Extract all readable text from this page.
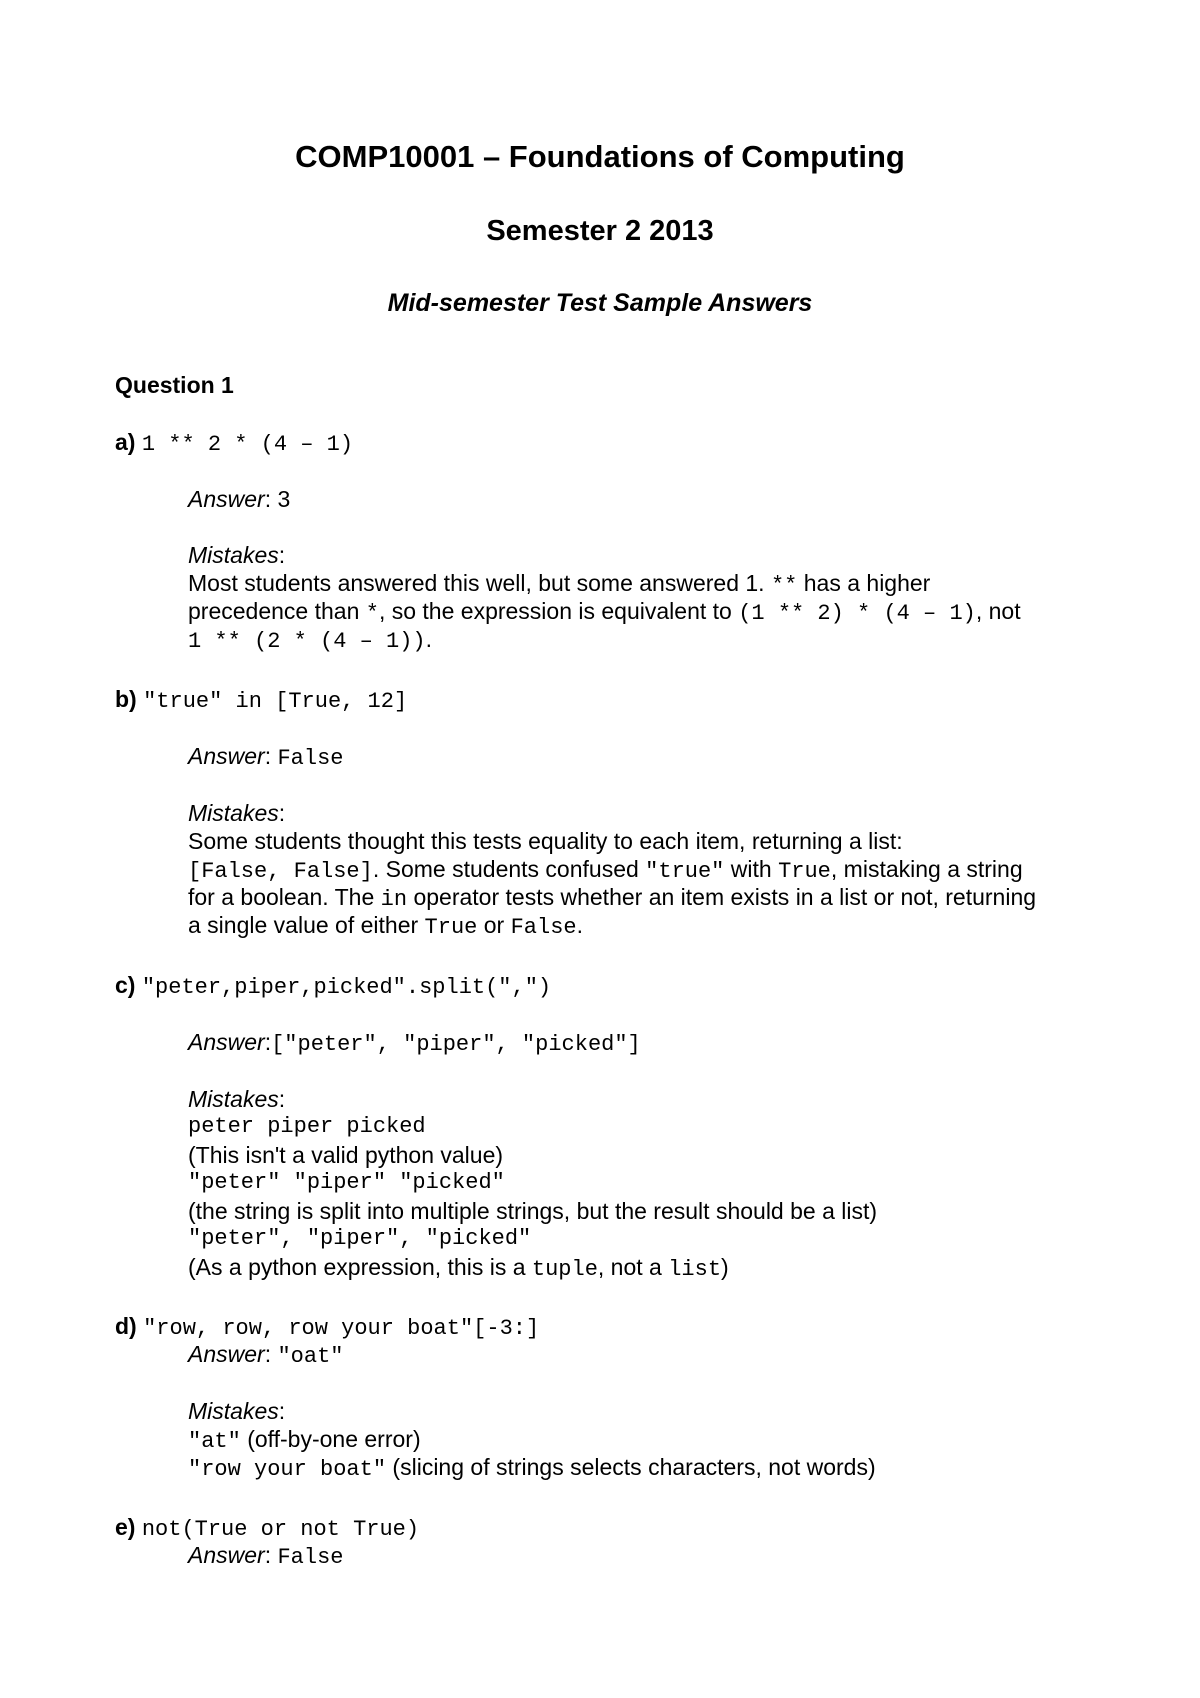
COMP10001 – Foundations of Computing
Semester 2 2013
Mid-semester Test Sample Answers
Question 1
a) 1 ** 2 * (4 – 1)
Answer: 3
Mistakes:
Most students answered this well, but some answered 1. ** has a higher
precedence than *, so the expression is equivalent to (1 ** 2) * (4 – 1), not
1 ** (2 * (4 – 1)).
b) "true" in [True, 12]
Answer: False
Mistakes:
Some students thought this tests equality to each item, returning a list:
[False, False]. Some students confused "true" with True, mistaking a string
for a boolean. The in operator tests whether an item exists in a list or not, returning
a single value of either True or False.
c) "peter,piper,picked".split(",")
Answer:["peter", "piper", "picked"]
Mistakes:
peter piper picked
(This isn't a valid python value)
"peter" "piper" "picked"
(the string is split into multiple strings, but the result should be a list)
"peter", "piper", "picked"
(As a python expression, this is a tuple, not a list)
d) "row, row, row your boat"[-3:]
Answer: "oat"
Mistakes:
"at" (off-by-one error)
"row your boat" (slicing of strings selects characters, not words)
e) not(True or not True)
Answer: False
